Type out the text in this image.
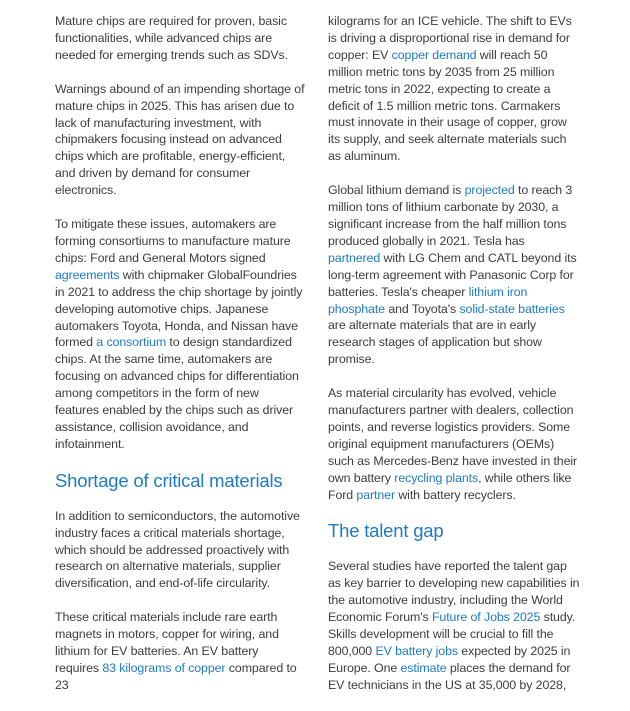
Mature chips are required for proven, basic functionalities, while advanced chips are needed for emerging trends such as SDVs.

Warnings abound of an impending shortage of mature chips in 2025. This has arisen due to lack of manufacturing investment, with chipmakers focusing instead on advanced chips which are profitable, energy-efficient, and driven by demand for consumer electronics.

To mitigate these issues, automakers are forming consortiums to manufacture mature chips: Ford and General Motors signed agreements with chipmaker GlobalFoundries in 2021 to address the chip shortage by jointly developing automotive chips. Japanese automakers Toyota, Honda, and Nissan have formed a consortium to design standardized chips. At the same time, automakers are focusing on advanced chips for differentiation among competitors in the form of new features enabled by the chips such as driver assistance, collision avoidance, and infotainment.

Shortage of critical materials

In addition to semiconductors, the automotive industry faces a critical materials shortage, which should be addressed proactively with research on alternative materials, supplier diversification, and end-of-life circularity.

These critical materials include rare earth magnets in motors, copper for wiring, and lithium for EV batteries. An EV battery requires 83 kilograms of copper compared to 23

kilograms for an ICE vehicle. The shift to EVs is driving a disproportional rise in demand for copper: EV copper demand will reach 50 million metric tons by 2035 from 25 million metric tons in 2022, expecting to create a deficit of 1.5 million metric tons. Carmakers must innovate in their usage of copper, grow its supply, and seek alternate materials such as aluminum.

Global lithium demand is projected to reach 3 million tons of lithium carbonate by 2030, a significant increase from the half million tons produced globally in 2021. Tesla has partnered with LG Chem and CATL beyond its long-term agreement with Panasonic Corp for batteries. Tesla's cheaper lithium iron phosphate and Toyota's solid-state batteries are alternate materials that are in early research stages of application but show promise.

As material circularity has evolved, vehicle manufacturers partner with dealers, collection points, and reverse logistics providers. Some original equipment manufacturers (OEMs) such as Mercedes-Benz have invested in their own battery recycling plants, while others like Ford partner with battery recyclers.

The talent gap

Several studies have reported the talent gap as key barrier to developing new capabilities in the automotive industry, including the World Economic Forum's Future of Jobs 2025 study. Skills development will be crucial to fill the 800,000 EV battery jobs expected by 2025 in Europe. One estimate places the demand for EV technicians in the US at 35,000 by 2028,
